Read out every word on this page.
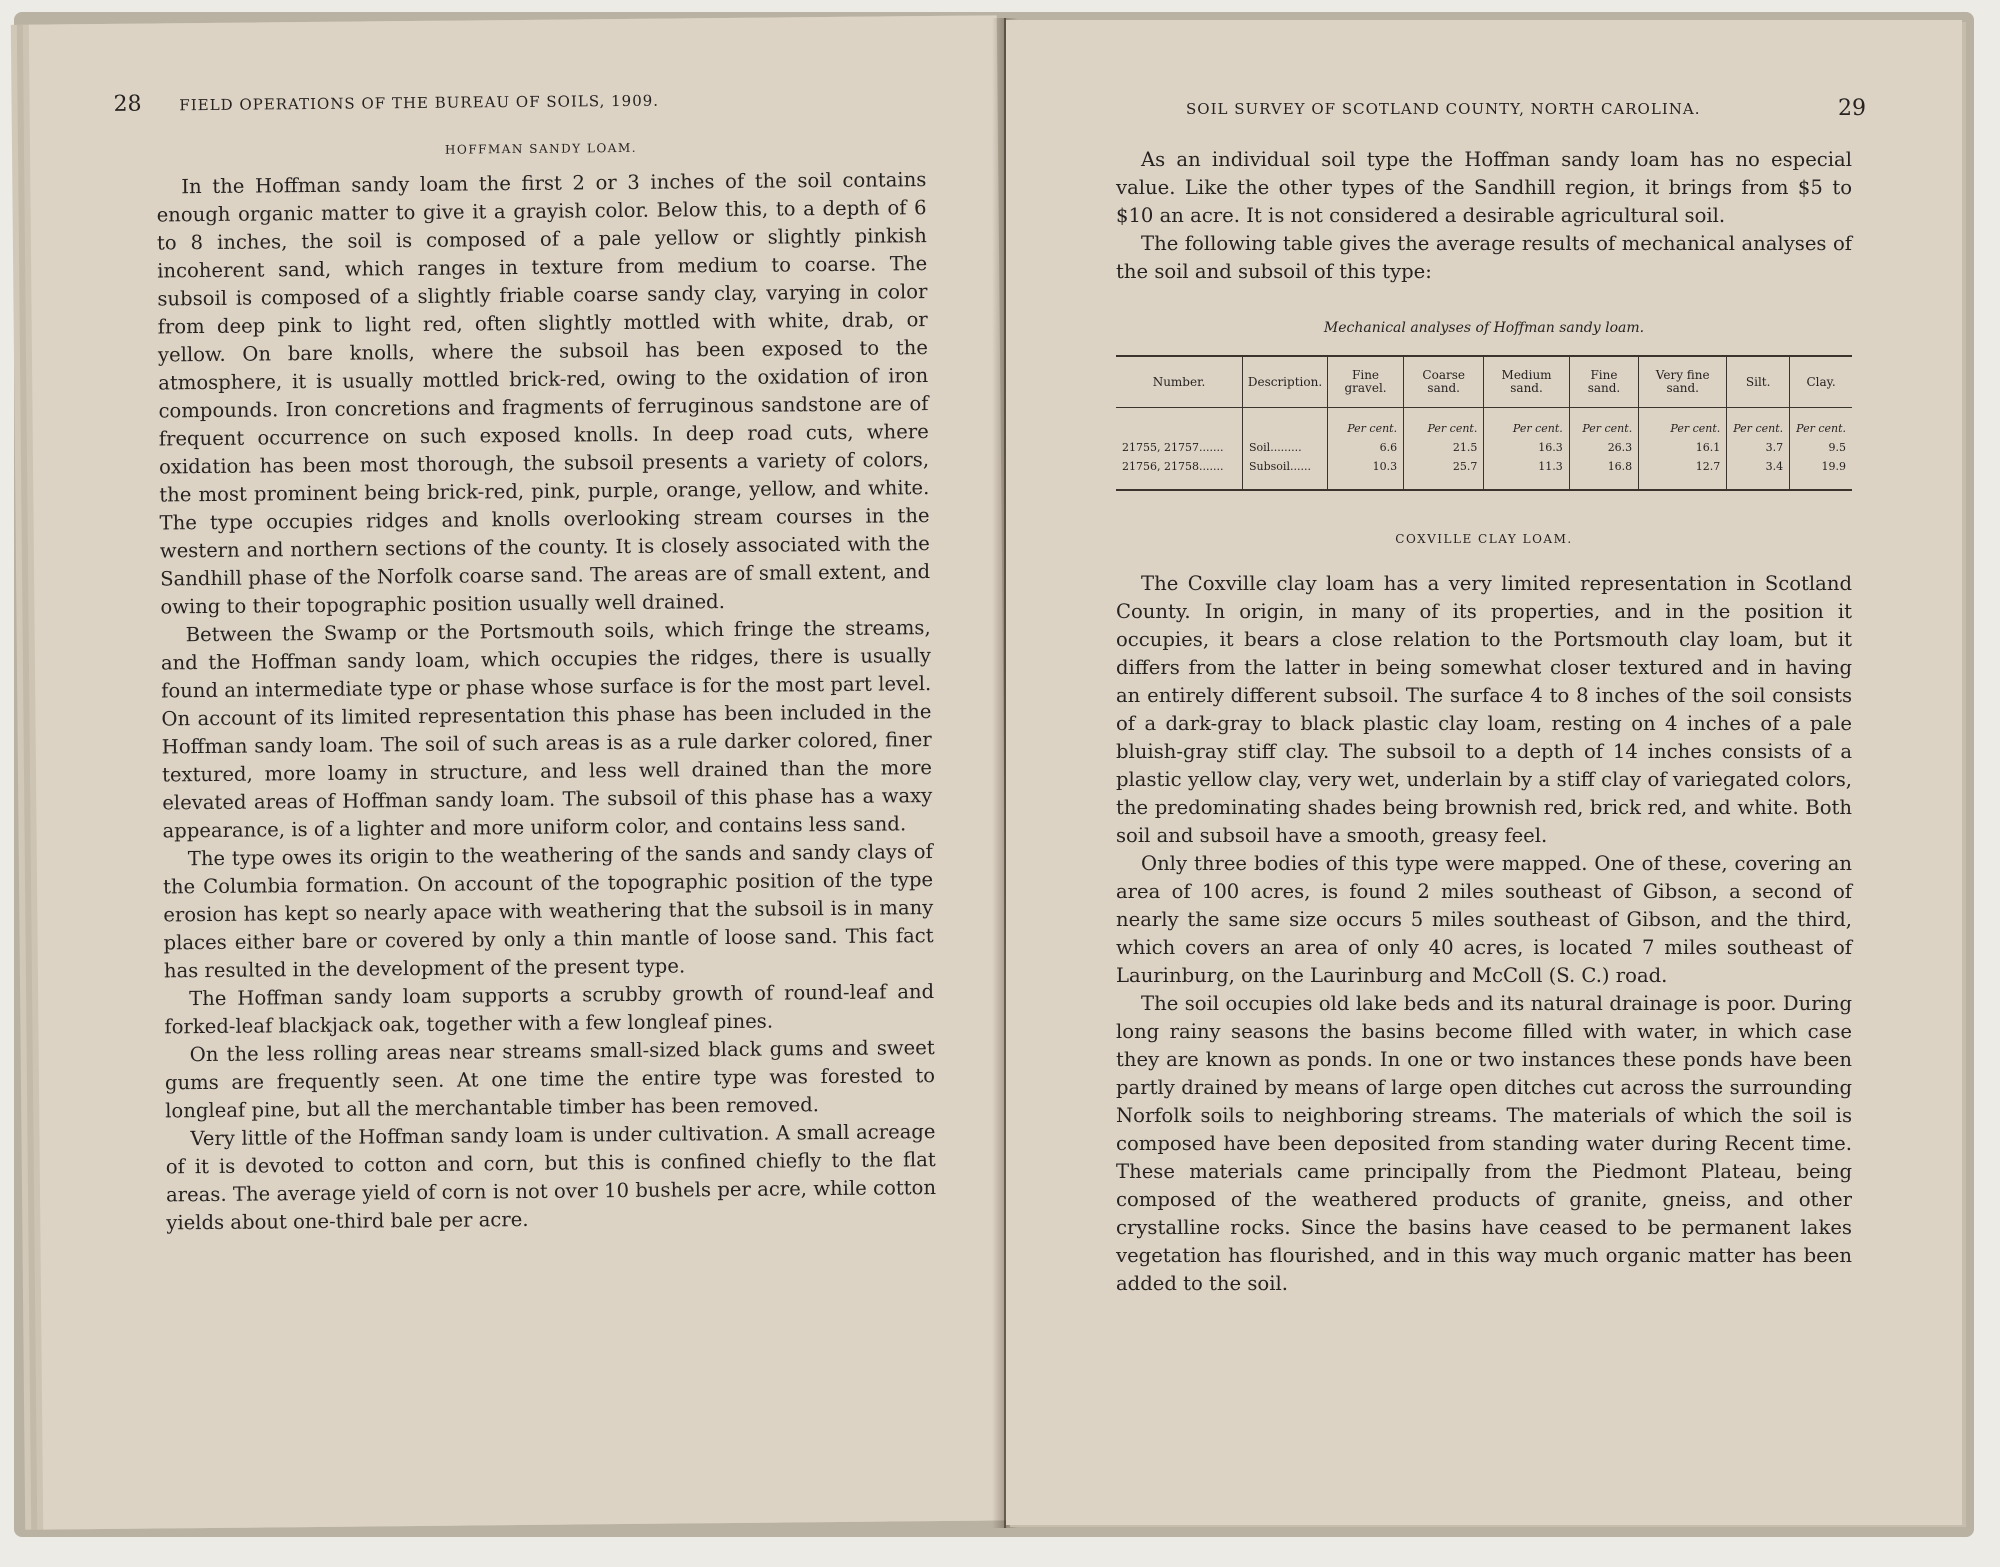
28	FIELD OPERATIONS OF THE BUREAU OF SOILS, 1909.
HOFFMAN SANDY LOAM.

In the Hoffman sandy loam the first 2 or 3 inches of the soil contains enough organic matter to give it a grayish color. Below this, to a depth of 6 to 8 inches, the soil is composed of a pale yellow or slightly pinkish incoherent sand, which ranges in texture from medium to coarse. The subsoil is composed of a slightly friable coarse sandy clay, varying in color from deep pink to light red, often slightly mottled with white, drab, or yellow. On bare knolls, where the subsoil has been exposed to the atmosphere, it is usually mottled brick-red, owing to the oxidation of iron compounds. Iron concretions and fragments of ferruginous sandstone are of frequent occurrence on such exposed knolls. In deep road cuts, where oxidation has been most thorough, the subsoil presents a variety of colors, the most prominent being brick-red, pink, purple, orange, yellow, and white. The type occupies ridges and knolls overlooking stream courses in the western and northern sections of the county. It is closely associated with the Sandhill phase of the Norfolk coarse sand. The areas are of small extent, and owing to their topographic position usually well drained.

Between the Swamp or the Portsmouth soils, which fringe the streams, and the Hoffman sandy loam, which occupies the ridges, there is usually found an intermediate type or phase whose surface is for the most part level. On account of its limited representation this phase has been included in the Hoffman sandy loam. The soil of such areas is as a rule darker colored, finer textured, more loamy in structure, and less well drained than the more elevated areas of Hoffman sandy loam. The subsoil of this phase has a waxy appearance, is of a lighter and more uniform color, and contains less sand.

The type owes its origin to the weathering of the sands and sandy clays of the Columbia formation. On account of the topographic position of the type erosion has kept so nearly apace with weathering that the subsoil is in many places either bare or covered by only a thin mantle of loose sand. This fact has resulted in the development of the present type.

The Hoffman sandy loam supports a scrubby growth of round-leaf and forked-leaf blackjack oak, together with a few longleaf pines.

On the less rolling areas near streams small-sized black gums and sweet gums are frequently seen. At one time the entire type was forested to longleaf pine, but all the merchantable timber has been removed.

Very little of the Hoffman sandy loam is under cultivation. A small acreage of it is devoted to cotton and corn, but this is confined chiefly to the flat areas. The average yield of corn is not over 10 bushels per acre, while cotton yields about one-third bale per acre.

SOIL SURVEY OF SCOTLAND COUNTY, NORTH CAROLINA.	29

As an individual soil type the Hoffman sandy loam has no especial value. Like the other types of the Sandhill region, it brings from $5 to $10 an acre. It is not considered a desirable agricultural soil.

The following table gives the average results of mechanical analyses of the soil and subsoil of this type:

Mechanical analyses of Hoffman sandy loam.
Number.	Description.	Fine gravel.	Coarse sand.	Medium sand.	Fine sand.	Very fine sand.	Silt.	Clay.
		Per cent.	Per cent.	Per cent.	Per cent.	Per cent.	Per cent.	Per cent.
21755, 21757.......	Soil.........	6.6	21.5	16.3	26.3	16.1	3.7	9.5
21756, 21758.......	Subsoil......	10.3	25.7	11.3	16.8	12.7	3.4	19.9
COXVILLE CLAY LOAM.

The Coxville clay loam has a very limited representation in Scotland County. In origin, in many of its properties, and in the position it occupies, it bears a close relation to the Portsmouth clay loam, but it differs from the latter in being somewhat closer textured and in having an entirely different subsoil. The surface 4 to 8 inches of the soil consists of a dark-gray to black plastic clay loam, resting on 4 inches of a pale bluish-gray stiff clay. The subsoil to a depth of 14 inches consists of a plastic yellow clay, very wet, underlain by a stiff clay of variegated colors, the predominating shades being brownish red, brick red, and white. Both soil and subsoil have a smooth, greasy feel.

Only three bodies of this type were mapped. One of these, covering an area of 100 acres, is found 2 miles southeast of Gibson, a second of nearly the same size occurs 5 miles southeast of Gibson, and the third, which covers an area of only 40 acres, is located 7 miles southeast of Laurinburg, on the Laurinburg and McColl (S. C.) road.

The soil occupies old lake beds and its natural drainage is poor. During long rainy seasons the basins become filled with water, in which case they are known as ponds. In one or two instances these ponds have been partly drained by means of large open ditches cut across the surrounding Norfolk soils to neighboring streams. The materials of which the soil is composed have been deposited from standing water during Recent time. These materials came principally from the Piedmont Plateau, being composed of the weathered products of granite, gneiss, and other crystalline rocks. Since the basins have ceased to be permanent lakes vegetation has flourished, and in this way much organic matter has been added to the soil.
